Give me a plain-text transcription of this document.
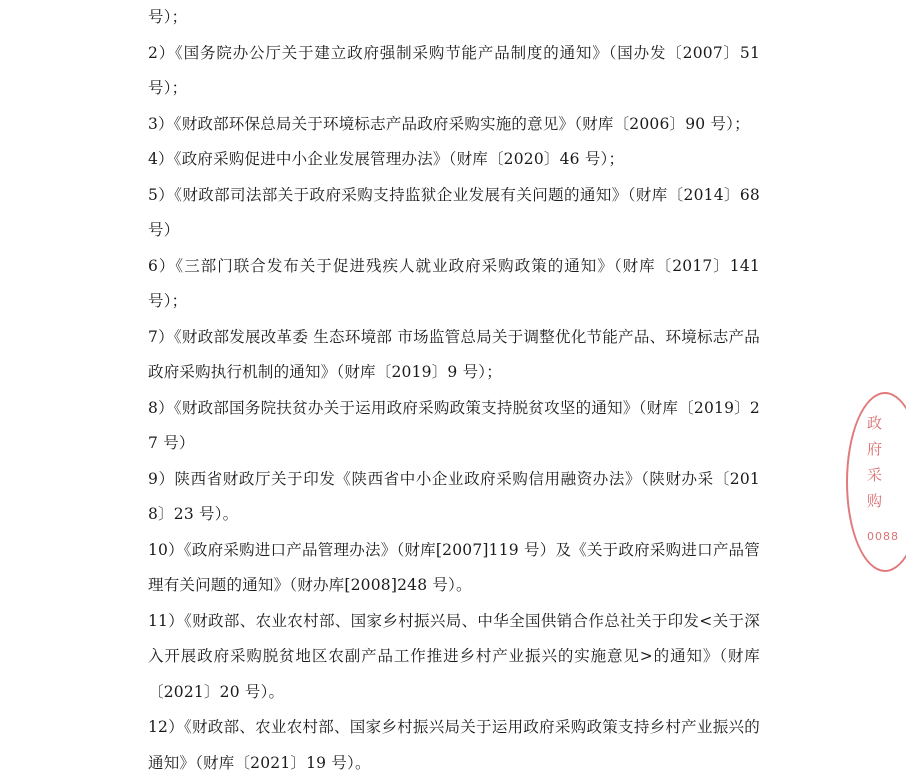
号）；

2）《国务院办公厅关于建立政府强制采购节能产品制度的通知》（国办发〔2007〕51 号）；

3）《财政部环保总局关于环境标志产品政府采购实施的意见》（财库〔2006〕90 号）；

4）《政府采购促进中小企业发展管理办法》（财库〔2020〕46 号）；

5）《财政部司法部关于政府采购支持监狱企业发展有关问题的通知》（财库〔2014〕68 号）

6）《三部门联合发布关于促进残疾人就业政府采购政策的通知》（财库〔2017〕141 号）；

7）《财政部发展改革委 生态环境部 市场监管总局关于调整优化节能产品、环境标志产品政府采购执行机制的通知》（财库〔2019〕9 号）；

8）《财政部国务院扶贫办关于运用政府采购政策支持脱贫攻坚的通知》（财库〔2019〕27 号）

9）陕西省财政厅关于印发《陕西省中小企业政府采购信用融资办法》（陕财办采〔2018〕23 号）。

10）《政府采购进口产品管理办法》（财库[2007]119 号）及《关于政府采购进口产品管理有关问题的通知》（财办库[2008]248 号）。

11）《财政部、农业农村部、国家乡村振兴局、中华全国供销合作总社关于印发<关于深入开展政府采购脱贫地区农副产品工作推进乡村产业振兴的实施意见>的通知》（财库〔2021〕20 号）。

12）《财政部、农业农村部、国家乡村振兴局关于运用政府采购政策支持乡村产业振兴的通知》（财库〔2021〕19 号）。

政府采购
0088
